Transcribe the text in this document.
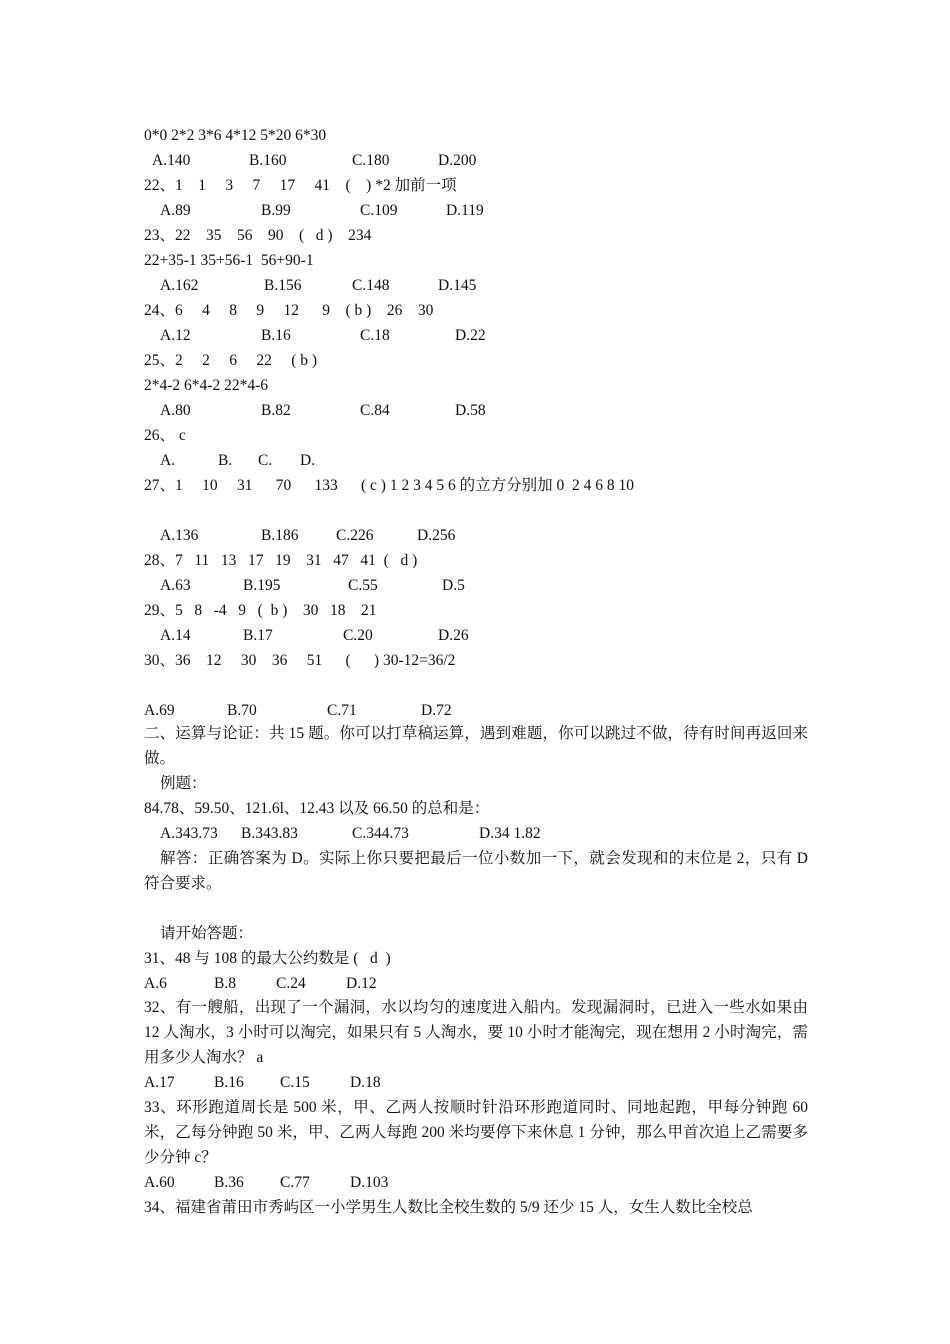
0*0 2*2 3*6 4*12 5*20 6*30
A.140	B.160	C.180	D.200
22、1    1     3     7     17     41    (    ) *2 加前一项
A.89	B.99	C.109	D.119
23、22    35    56    90    (   d )    234
22+35-1 35+56-1  56+90-1
A.162	B.156	C.148	D.145
24、6     4     8     9     12      9    ( b )    26    30
A.12	B.16	C.18	D.22
25、2     2     6     22     ( b )
2*4-2 6*4-2 22*4-6
A.80	B.82	C.84	D.58
26、 c
A.	B. C. D.
27、1     10     31      70      133      ( c ) 1 2 3 4 5 6 的立方分别加 0  2 4 6 8 10
A.136	B.186 C.226	D.256
28、7   11   13   17   19    31   47   41  (   d )
A.63	B.195	C.55	D.5
29、5   8   -4   9   (  b )    30   18    21
A.14	B.17	C.20	D.26
30、36    12     30    36     51      (      ) 30-12=36/2
A.69	B.70	C.71	D.72
二、运算与论证：共 15 题。你可以打草稿运算，遇到难题，你可以跳过不做，待有时间再返回来做。
例题：
84.78、59.50、121.6l、12.43 以及 66.50 的总和是：
A.343.73 B.343.83	C.344.73	D.34 1.82
解答：正确答案为 D。实际上你只要把最后一位小数加一下，就会发现和的末位是 2，只有 D 符合要求。
请开始答题：
31、48 与 108 的最大公约数是 (   d  )
A.6	B.8	C.24	D.12
32、有一艘船，出现了一个漏洞，水以均匀的速度进入船内。发现漏洞时，已进入一些水如果由 12 人淘水，3 小时可以淘完，如果只有 5 人淘水，要 10 小时才能淘完，现在想用 2 小时淘完，需用多少人淘水？ a
A.17	B.16 C.15	D.18
33、环形跑道周长是 500 米，甲、乙两人按顺时针沿环形跑道同时、同地起跑，甲每分钟跑 60 米，乙每分钟跑 50 米，甲、乙两人每跑 200 米均要停下来休息 1 分钟，那么甲首次追上乙需要多少分钟 c？
A.60	B.36 C.77	D.103
34、福建省莆田市秀屿区一小学男生人数比全校生数的 5/9 还少 15 人，女生人数比全校总
